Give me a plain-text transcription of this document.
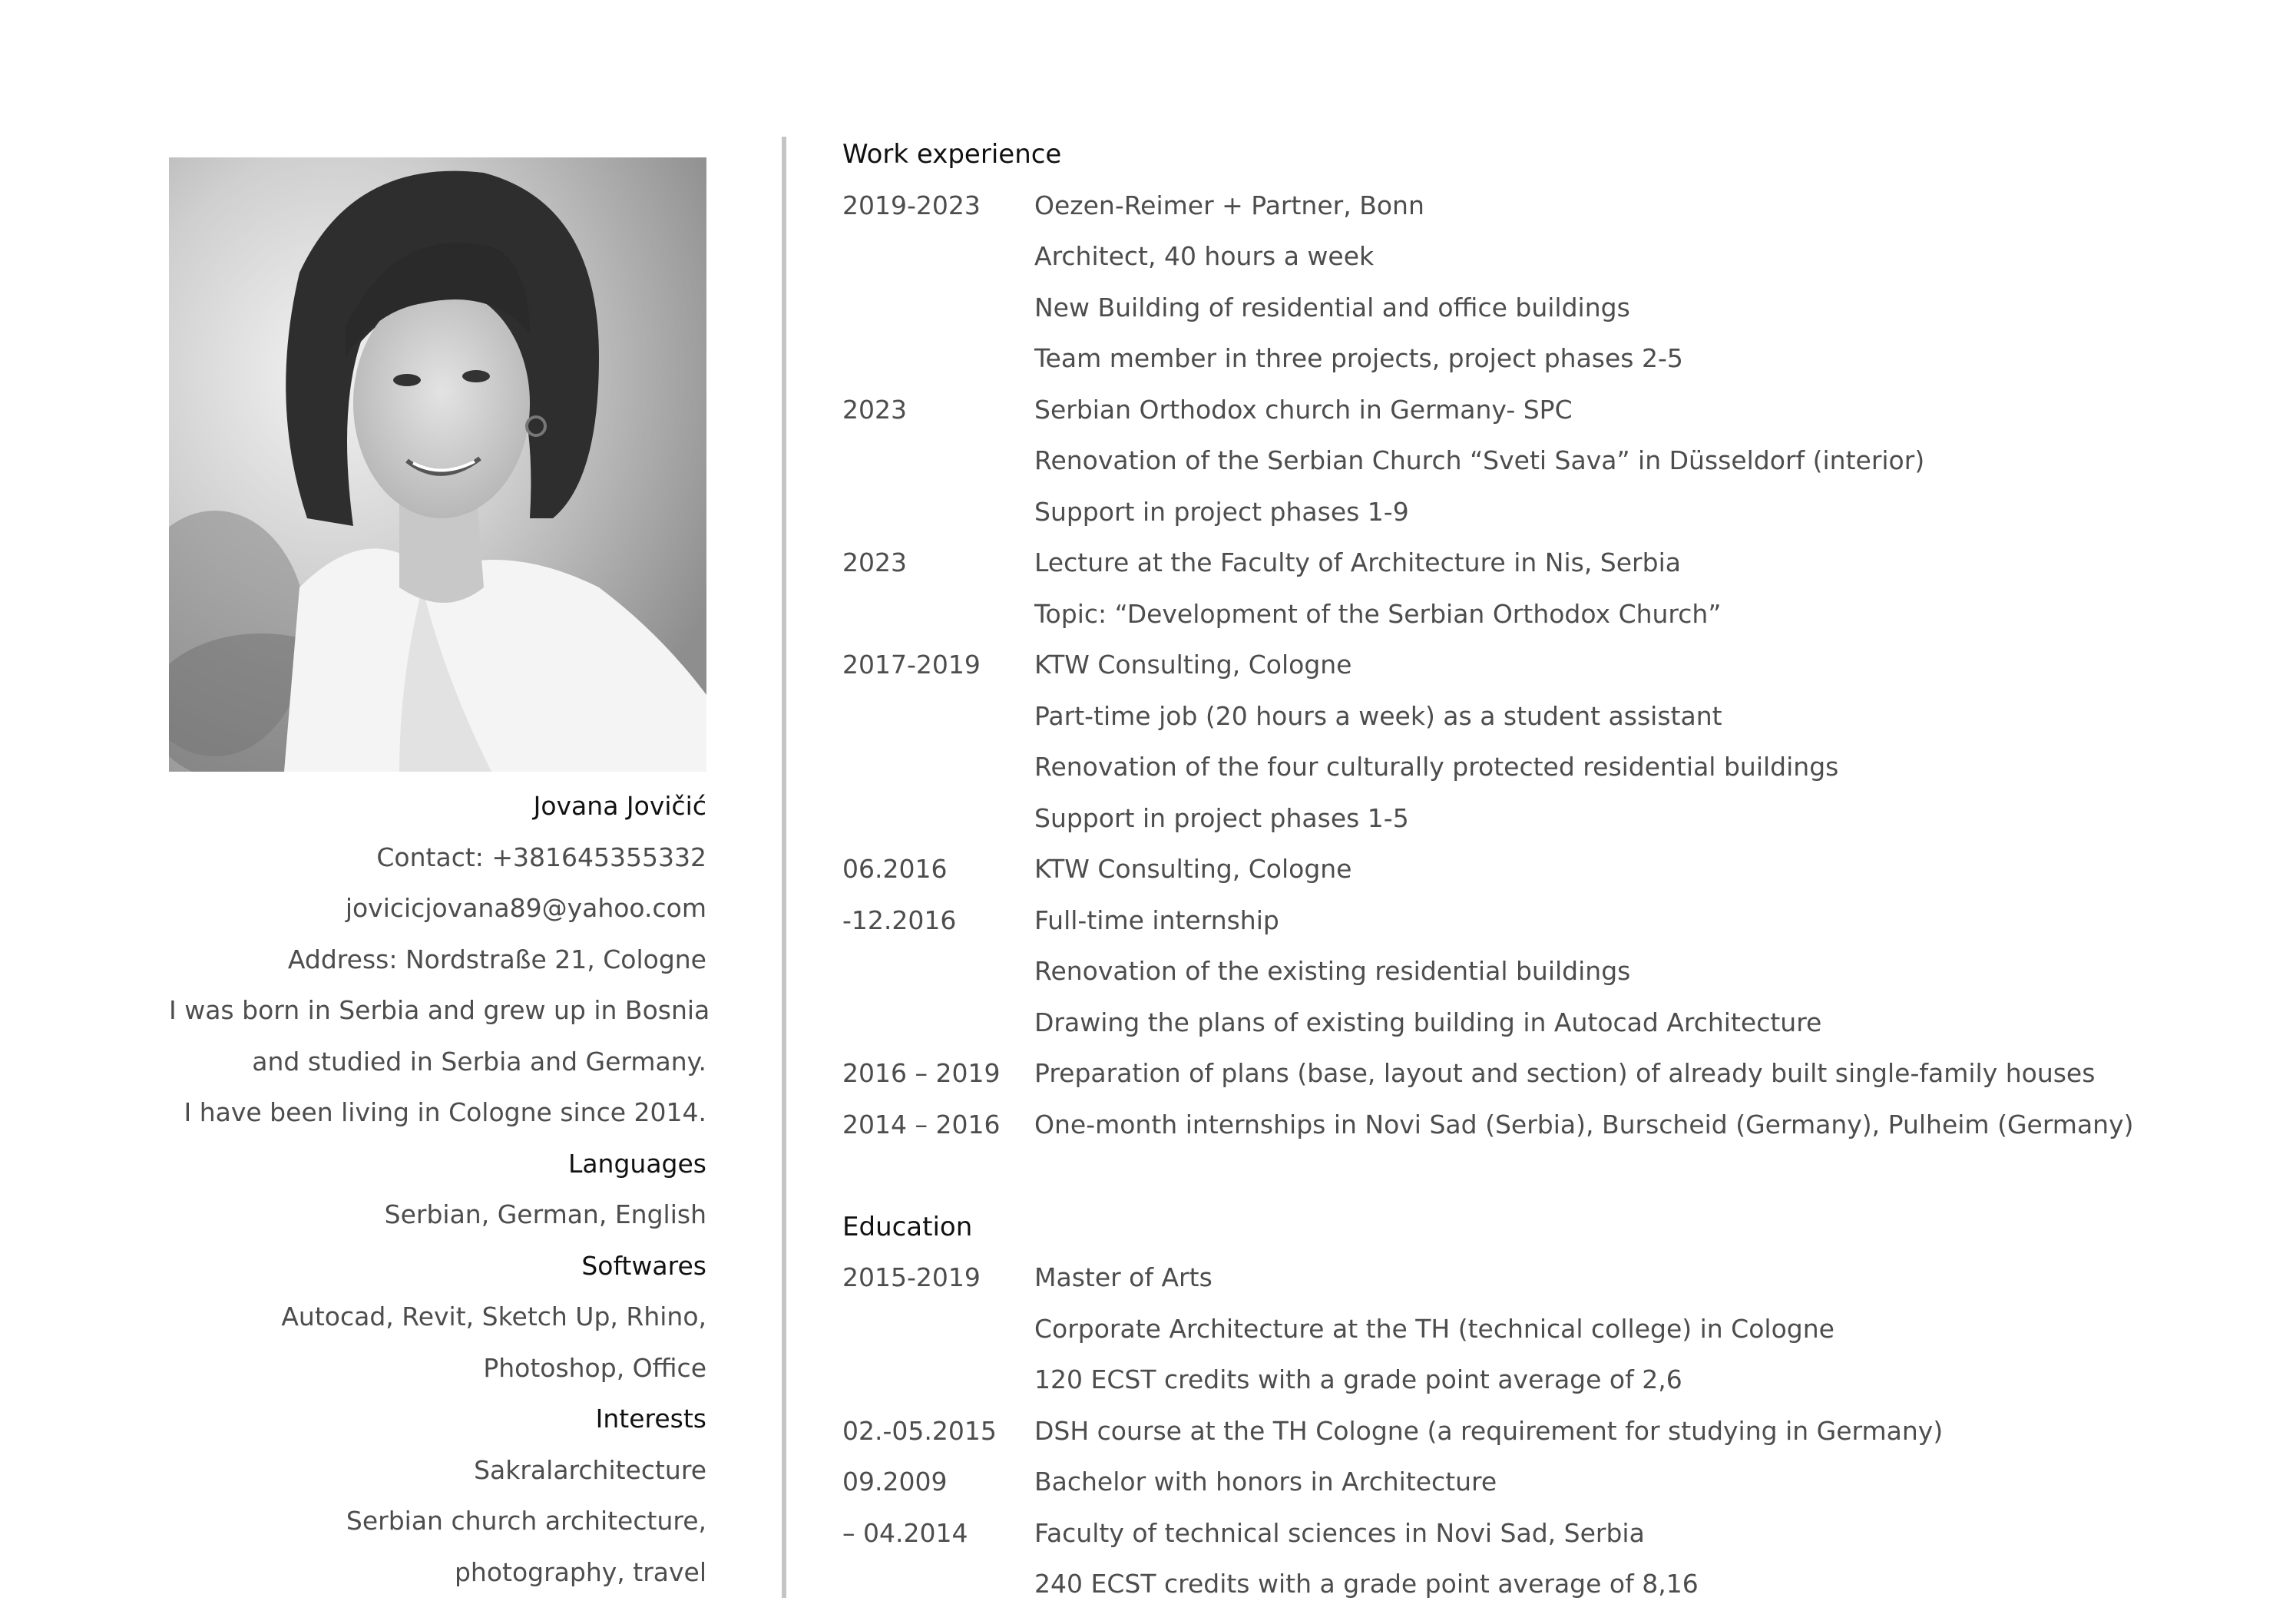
Jovana Jovičić
Contact: +381645355332
jovicicjovana89@yahoo.com
Address: Nordstraße 21, Cologne
I was born in Serbia and grew up in Bosnia
and studied in Serbia and Germany.
I have been living in Cologne since 2014.
Languages
Serbian, German, English
Softwares
Autocad, Revit, Sketch Up, Rhino,
Photoshop, Office
Interests
Sakralarchitecture
Serbian church architecture,
photography, travel
Work experience
2019-2023	Oezen-Reimer + Partner, Bonn
Architect, 40 hours a week
New Building of residential and office buildings
Team member in three projects, project phases 2-5
2023	Serbian Orthodox church in Germany- SPC
Renovation of the Serbian Church “Sveti Sava” in Düsseldorf (interior)
Support in project phases 1-9
2023	Lecture at the Faculty of Architecture in Nis, Serbia
Topic: “Development of the Serbian Orthodox Church”
2017-2019	KTW Consulting, Cologne
Part-time job (20 hours a week) as a student assistant
Renovation of the four culturally protected residential buildings
Support in project phases 1-5
06.2016	KTW Consulting, Cologne
-12.2016	Full-time internship
Renovation of the existing residential buildings
Drawing the plans of existing building in Autocad Architecture
2016 – 2019	Preparation of plans (base, layout and section) of already built single-family houses
2014 – 2016	One-month internships in Novi Sad (Serbia), Burscheid (Germany), Pulheim (Germany)
Education
2015-2019	Master of Arts
Corporate Architecture at the TH (technical college) in Cologne
120 ECST credits with a grade point average of 2,6
02.-05.2015	DSH course at the TH Cologne (a requirement for studying in Germany)
09.2009	Bachelor with honors in Architecture
– 04.2014	Faculty of technical sciences in Novi Sad, Serbia
240 ECST credits with a grade point average of 8,16
